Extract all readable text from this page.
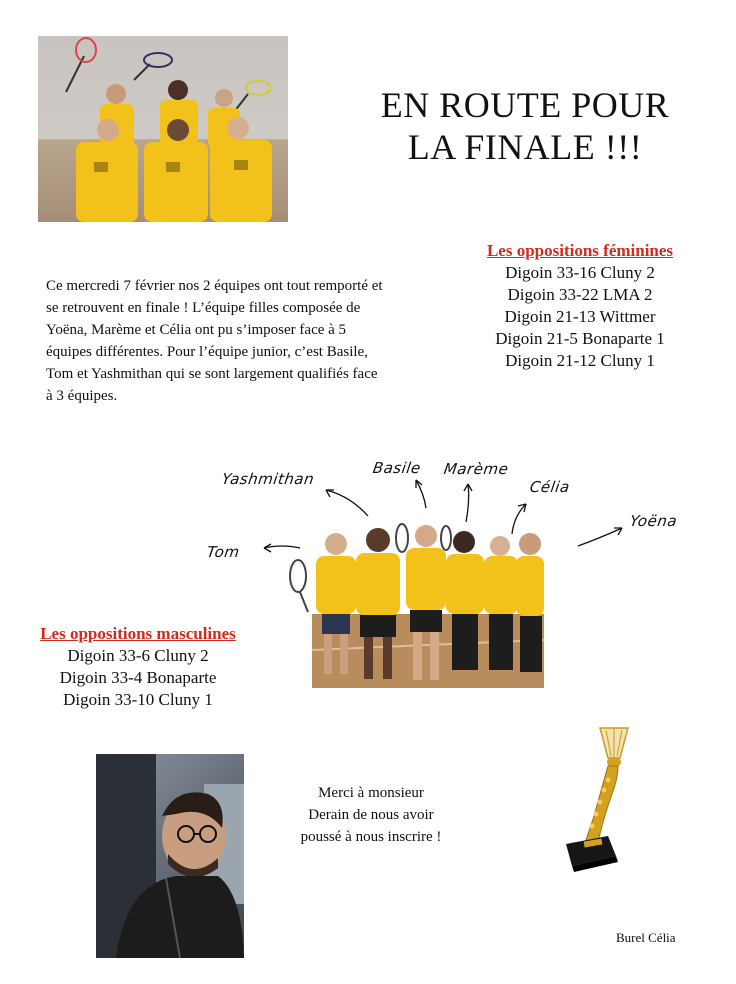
EN ROUTE POUR
LA FINALE !!!
Les oppositions féminines
Digoin 33-16 Cluny 2
Digoin 33-22 LMA 2
Digoin 21-13 Wittmer
Digoin 21-5 Bonaparte 1
Digoin 21-12 Cluny 1

Ce mercredi 7 février nos 2 équipes ont tout remporté et se retrouvent en finale ! L’équipe filles composée de Yoëna, Marème et Célia ont pu s’imposer face à 5 équipes différentes. Pour l’équipe junior, c’est Basile, Tom et Yashmithan qui se sont largement qualifiés face à 3 équipes.

Tom
Yashmithan
Basile Marème
Célia
Yoëna
Les oppositions masculines
Digoin 33-6 Cluny 2
Digoin 33-4 Bonaparte
Digoin 33-10 Cluny 1

Merci à monsieur
Derain de nous avoir
poussé à nous inscrire !

Burel Célia
